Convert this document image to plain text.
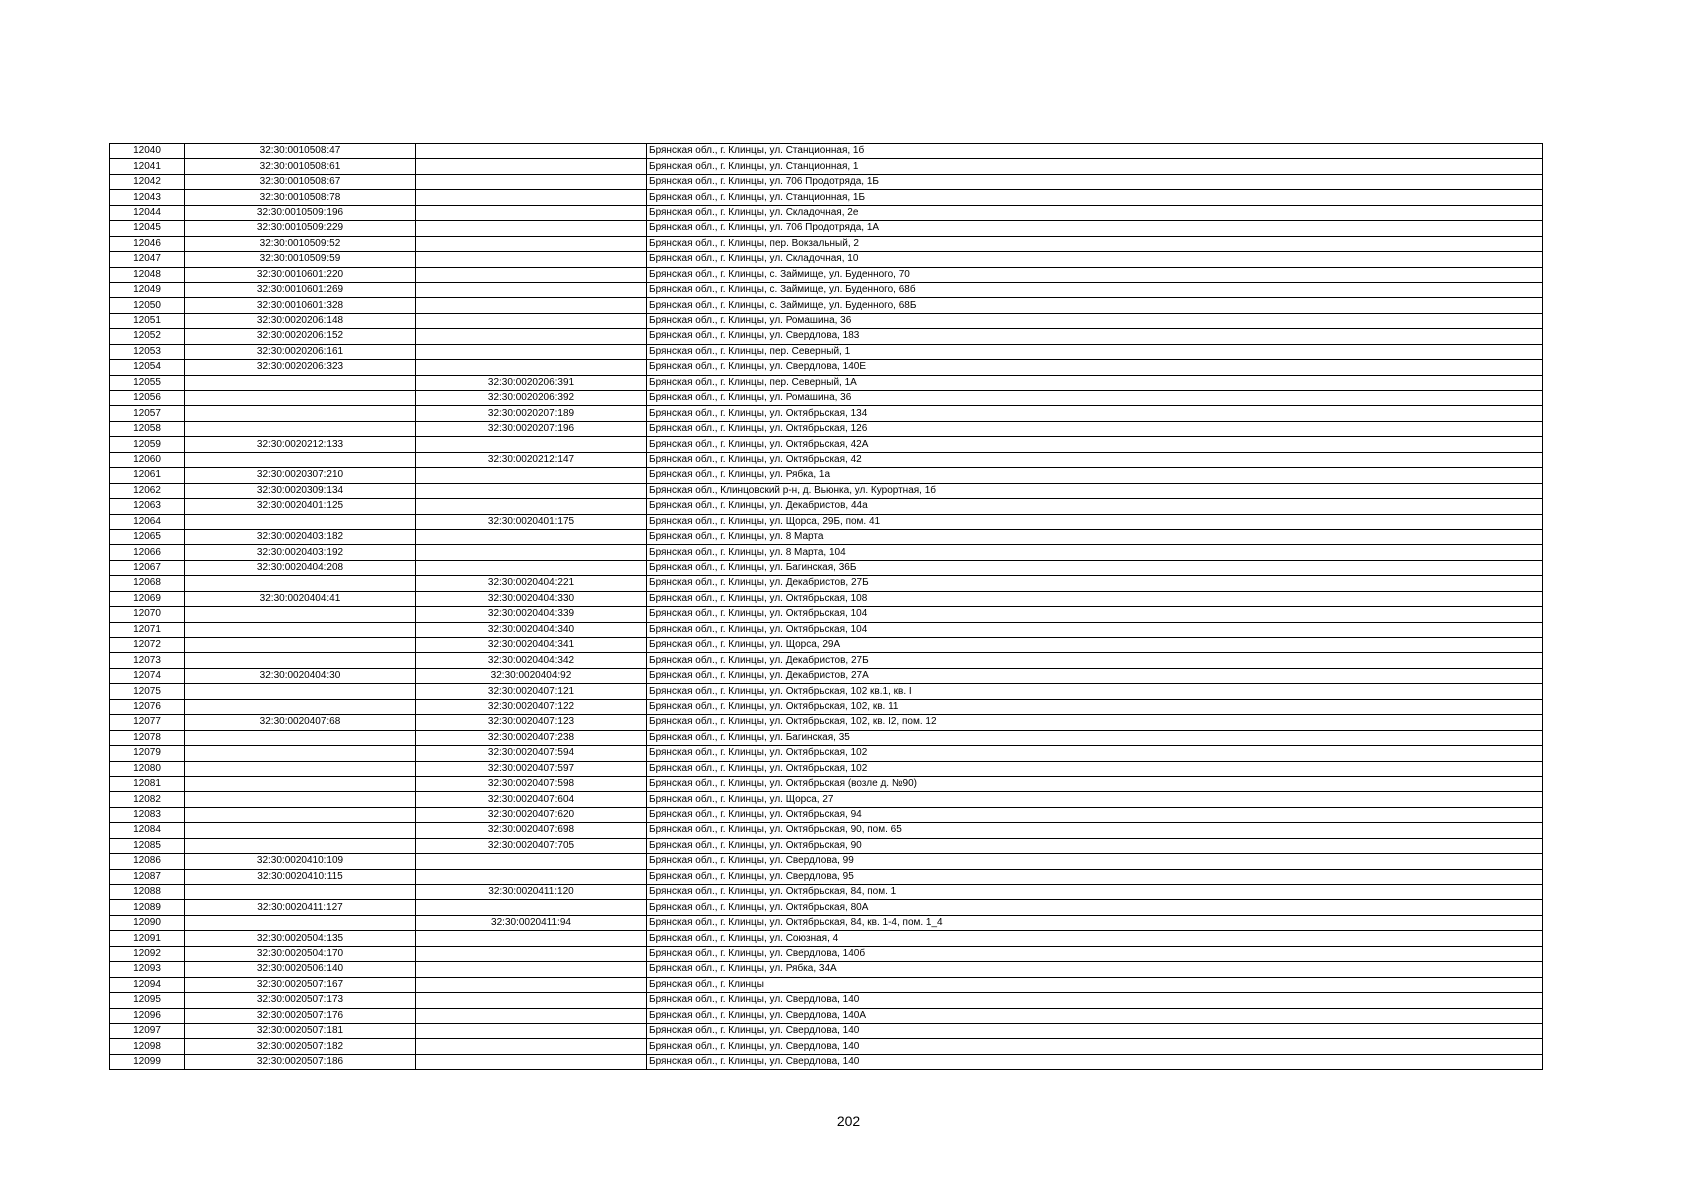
12040	32:30:0010508:47		Брянская обл., г. Клинцы, ул. Станционная, 1б
12041	32:30:0010508:61		Брянская обл., г. Клинцы, ул. Станционная, 1
12042	32:30:0010508:67		Брянская обл., г. Клинцы, ул. 706 Продотряда, 1Б
12043	32:30:0010508:78		Брянская обл., г. Клинцы, ул. Станционная, 1Б
12044	32:30:0010509:196		Брянская обл., г. Клинцы, ул. Складочная, 2е
12045	32:30:0010509:229		Брянская обл., г. Клинцы, ул. 706 Продотряда, 1А
12046	32:30:0010509:52		Брянская обл., г. Клинцы, пер. Вокзальный, 2
12047	32:30:0010509:59		Брянская обл., г. Клинцы, ул. Складочная, 10
12048	32:30:0010601:220		Брянская обл., г. Клинцы, с. Займище, ул. Буденного, 70
12049	32:30:0010601:269		Брянская обл., г. Клинцы, с. Займище, ул. Буденного, 68б
12050	32:30:0010601:328		Брянская обл., г. Клинцы, с. Займище, ул. Буденного, 68Б
12051	32:30:0020206:148		Брянская обл., г. Клинцы, ул. Ромашина, 36
12052	32:30:0020206:152		Брянская обл., г. Клинцы, ул. Свердлова, 183
12053	32:30:0020206:161		Брянская обл., г. Клинцы, пер. Северный, 1
12054	32:30:0020206:323		Брянская обл., г. Клинцы, ул. Свердлова, 140Е
12055		32:30:0020206:391	Брянская обл., г. Клинцы, пер. Северный, 1А
12056		32:30:0020206:392	Брянская обл., г. Клинцы, ул. Ромашина, 36
12057		32:30:0020207:189	Брянская обл., г. Клинцы, ул. Октябрьская, 134
12058		32:30:0020207:196	Брянская обл., г. Клинцы, ул. Октябрьская, 126
12059	32:30:0020212:133		Брянская обл., г. Клинцы, ул. Октябрьская, 42А
12060		32:30:0020212:147	Брянская обл., г. Клинцы, ул. Октябрьская, 42
12061	32:30:0020307:210		Брянская обл., г. Клинцы, ул. Рябка, 1а
12062	32:30:0020309:134		Брянская обл., Клинцовский р-н, д. Вьюнка, ул. Курортная, 1б
12063	32:30:0020401:125		Брянская обл., г. Клинцы, ул. Декабристов, 44а
12064		32:30:0020401:175	Брянская обл., г. Клинцы, ул. Щорса, 29Б, пом. 41
12065	32:30:0020403:182		Брянская обл., г. Клинцы, ул. 8 Марта
12066	32:30:0020403:192		Брянская обл., г. Клинцы, ул. 8 Марта, 104
12067	32:30:0020404:208		Брянская обл., г. Клинцы, ул. Багинская, 36Б
12068		32:30:0020404:221	Брянская обл., г. Клинцы, ул. Декабристов, 27Б
12069	32:30:0020404:41	32:30:0020404:330	Брянская обл., г. Клинцы, ул. Октябрьская, 108
12070		32:30:0020404:339	Брянская обл., г. Клинцы, ул. Октябрьская, 104
12071		32:30:0020404:340	Брянская обл., г. Клинцы, ул. Октябрьская, 104
12072		32:30:0020404:341	Брянская обл., г. Клинцы, ул. Щорса, 29А
12073		32:30:0020404:342	Брянская обл., г. Клинцы, ул. Декабристов, 27Б
12074	32:30:0020404:30	32:30:0020404:92	Брянская обл., г. Клинцы, ул. Декабристов, 27А
12075		32:30:0020407:121	Брянская обл., г. Клинцы, ул. Октябрьская, 102 кв.1, кв. I
12076		32:30:0020407:122	Брянская обл., г. Клинцы, ул. Октябрьская, 102, кв. 11
12077	32:30:0020407:68	32:30:0020407:123	Брянская обл., г. Клинцы, ул. Октябрьская, 102, кв. I2, пом. 12
12078		32:30:0020407:238	Брянская обл., г. Клинцы, ул. Багинская, 35
12079		32:30:0020407:594	Брянская обл., г. Клинцы, ул. Октябрьская, 102
12080		32:30:0020407:597	Брянская обл., г. Клинцы, ул. Октябрьская, 102
12081		32:30:0020407:598	Брянская обл., г. Клинцы, ул. Октябрьская (возле д. №90)
12082		32:30:0020407:604	Брянская обл., г. Клинцы, ул. Щорса, 27
12083		32:30:0020407:620	Брянская обл., г. Клинцы, ул. Октябрьская, 94
12084		32:30:0020407:698	Брянская обл., г. Клинцы, ул. Октябрьская, 90, пом. 65
12085		32:30:0020407:705	Брянская обл., г. Клинцы, ул. Октябрьская, 90
12086	32:30:0020410:109		Брянская обл., г. Клинцы, ул. Свердлова, 99
12087	32:30:0020410:115		Брянская обл., г. Клинцы, ул. Свердлова, 95
12088		32:30:0020411:120	Брянская обл., г. Клинцы, ул. Октябрьская, 84, пом. 1
12089	32:30:0020411:127		Брянская обл., г. Клинцы, ул. Октябрьская, 80А
12090		32:30:0020411:94	Брянская обл., г. Клинцы, ул. Октябрьская, 84, кв. 1-4, пом. 1_4
12091	32:30:0020504:135		Брянская обл., г. Клинцы, ул. Союзная, 4
12092	32:30:0020504:170		Брянская обл., г. Клинцы, ул. Свердлова, 140б
12093	32:30:0020506:140		Брянская обл., г. Клинцы, ул. Рябка, 34А
12094	32:30:0020507:167		Брянская обл., г. Клинцы
12095	32:30:0020507:173		Брянская обл., г. Клинцы, ул. Свердлова, 140
12096	32:30:0020507:176		Брянская обл., г. Клинцы, ул. Свердлова, 140А
12097	32:30:0020507:181		Брянская обл., г. Клинцы, ул. Свердлова, 140
12098	32:30:0020507:182		Брянская обл., г. Клинцы, ул. Свердлова, 140
12099	32:30:0020507:186		Брянская обл., г. Клинцы, ул. Свердлова, 140
202
